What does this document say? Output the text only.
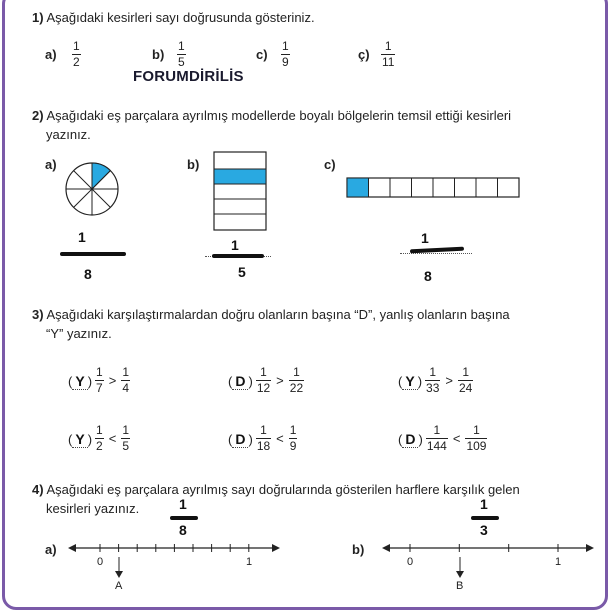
1) Aşağıdaki kesirleri sayı doğrusunda gösteriniz.
a)
1
2	b)
1
5	c)
1
9	ç)
1
11
FORUMDİRİLİS
2) Aşağıdaki eş parçalara ayrılmış modellerde boyalı bölgelerin temsil ettiği kesirleri
yazınız.
a)	b)	c)
1
8
1
5
1
8
3) Aşağıdaki karşılaştırmalardan doğru olanların başına “D”, yanlış olanların başına
“Y” yazınız.
( Y ) $\frac{1}{7} > \frac{1}{4}$	( D ) $\frac{1}{12} > \frac{1}{22}$	( Y ) $\frac{1}{33} > \frac{1}{24}$
( Y ) $\frac{1}{2} < \frac{1}{5}$	( D ) $\frac{1}{18} < \frac{1}{9}$	( D ) $\frac{1}{144} < \frac{1}{109}$
4) Aşağıdaki eş parçalara ayrılmış sayı doğrularında gösterilen harflere karşılık gelen
kesirleri yazınız.	1
8
1
3
a)
0	1
A
b)
0	1
B
